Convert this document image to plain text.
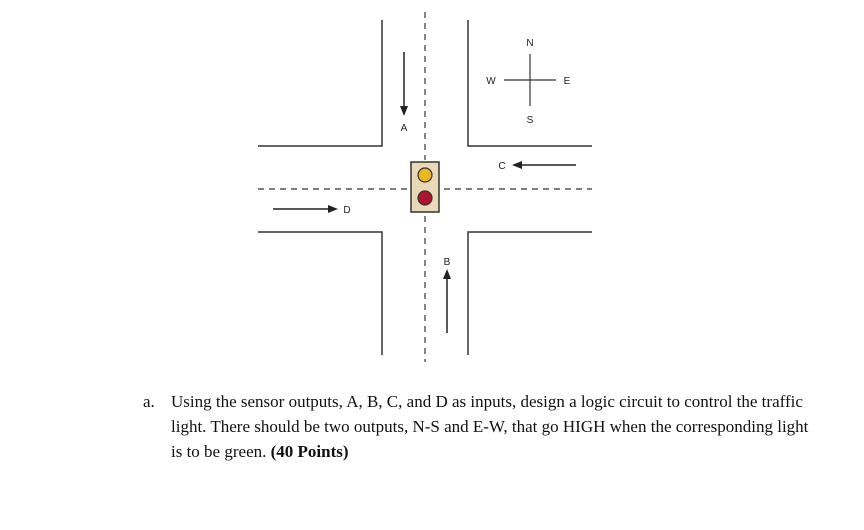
A
B
C
D
N
S
W	E
a. Using the sensor outputs, A, B, C, and D as inputs, design a logic circuit to control the traffic light. There should be two outputs, N-S and E-W, that go HIGH when the corresponding light is to be green. (40 Points)
